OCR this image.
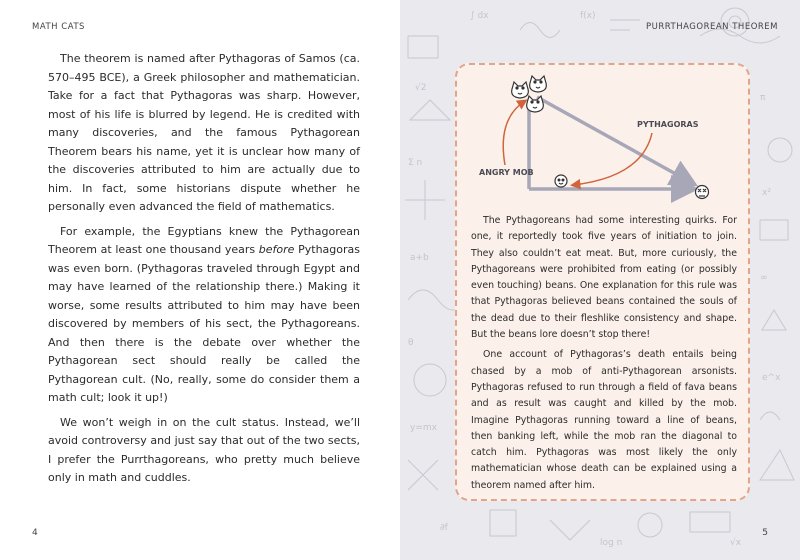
MATH CATS

The theorem is named after Pythagoras of Samos (ca. 570–495 BCE), a Greek philosopher and mathematician. Take for a fact that Pythagoras was sharp. However, most of his life is blurred by legend. He is credited with many discoveries, and the famous Pythagorean Theorem bears his name, yet it is unclear how many of the discoveries attributed to him are actually due to him. In fact, some historians dispute whether he personally even advanced the field of mathematics.

For example, the Egyptians knew the Pythagorean Theorem at least one thousand years before Pythagoras was even born. (Pythagoras traveled through Egypt and may have learned of the relationship there.) Making it worse, some results attributed to him may have been discovered by members of his sect, the Pythagoreans. And then there is the debate over whether the Pythagorean sect should really be called the Pythagorean cult. (No, really, some do consider them a math cult; look it up!)

We won’t weigh in on the cult status. Instead, we’ll avoid controversy and just say that out of the two sects, I prefer the Purrthagoreans, who pretty much believe only in math and cuddles.

4
∫ dx
√2
π
Σ n
x²
a+b
∞
θ
e^x
y=mx
∂f
log n	√x
f(x)
PURRTHAGOREAN THEOREM
PYTHAGORAS
ANGRY MOB

The Pythagoreans had some interesting quirks. For one, it reportedly took five years of initiation to join. They also couldn’t eat meat. But, more curiously, the Pythagoreans were prohibited from eating (or possibly even touching) beans. One explanation for this rule was that Pythagoras believed beans contained the souls of the dead due to their fleshlike consistency and shape. But the beans lore doesn’t stop there!

One account of Pythagoras’s death entails being chased by a mob of anti-Pythagorean arsonists. Pythagoras refused to run through a field of fava beans and as result was caught and killed by the mob. Imagine Pythagoras running toward a line of beans, then banking left, while the mob ran the diagonal to catch him. Pythagoras was most likely the only mathematician whose death can be explained using a theorem named after him.

5
